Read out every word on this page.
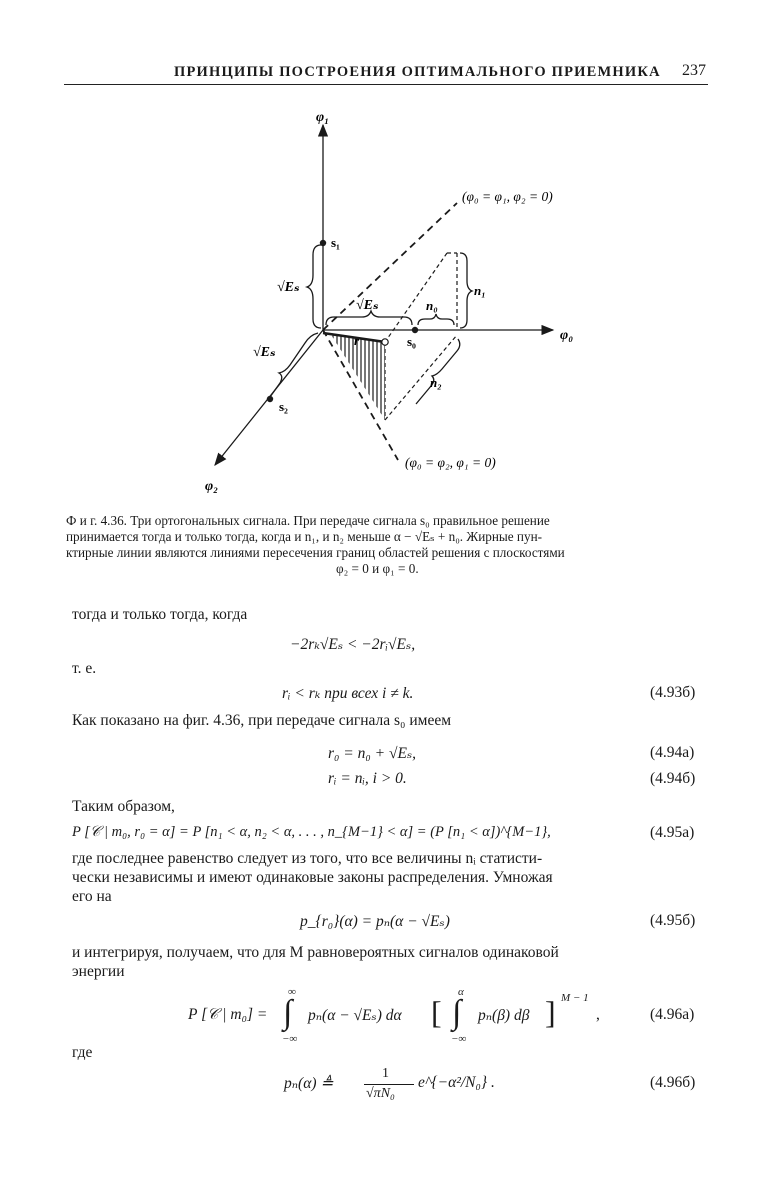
ПРИНЦИПЫ ПОСТРОЕНИЯ ОПТИМАЛЬНОГО ПРИЕМНИКА 237
φ₁
φ₀
φ₂
(φ₀ = φ₁, φ₂ = 0)
(φ₀ = φ₂, φ₁ = 0)
r
s₁
s₀
s₂
√Eₛ
√Eₛ
√Eₛ
n₀
n₁
n₂
Ф и г. 4.36. Три ортогональных сигнала. При передаче сигнала s₀ правильное решение
принимается тогда и только тогда, когда и n₁, и n₂ меньше α − √Eₛ + n₀. Жирные пун-
ктирные линии являются линиями пересечения границ областей решения с плоскостями
φ₂ = 0 и φ₁ = 0.
тогда и только тогда, когда
−2rₖ√Eₛ < −2rᵢ√Eₛ,
т. е.
rᵢ < rₖ при всех i ≠ k.	(4.93б)
Как показано на фиг. 4.36, при передаче сигнала s₀ имеем
r₀ = n₀ + √Eₛ,	(4.94а)
rᵢ = nᵢ, i > 0.	(4.94б)
Таким образом,
P [𝒞 | m₀, r₀ = α] = P [n₁ < α, n₂ < α, . . . , n_{M−1} < α] = (P [n₁ < α])^{M−1},	(4.95а)
где последнее равенство следует из того, что все величины nᵢ статисти-
чески независимы и имеют одинаковые законы распределения. Умножая
его на
p_{r₀}(α) = pₙ(α − √Eₛ)	(4.95б)
и интегрируя, получаем, что для M равновероятных сигналов одинаковой
энергии
P [𝒞 | m₀] =
∞
∫
−∞
pₙ(α − √Eₛ) dα [
α
∫
−∞
pₙ(β) dβ ] M − 1
,	(4.96а)
где
pₙ(α) ≜
1
√πN₀
e^{−α²/N₀} .	(4.96б)
